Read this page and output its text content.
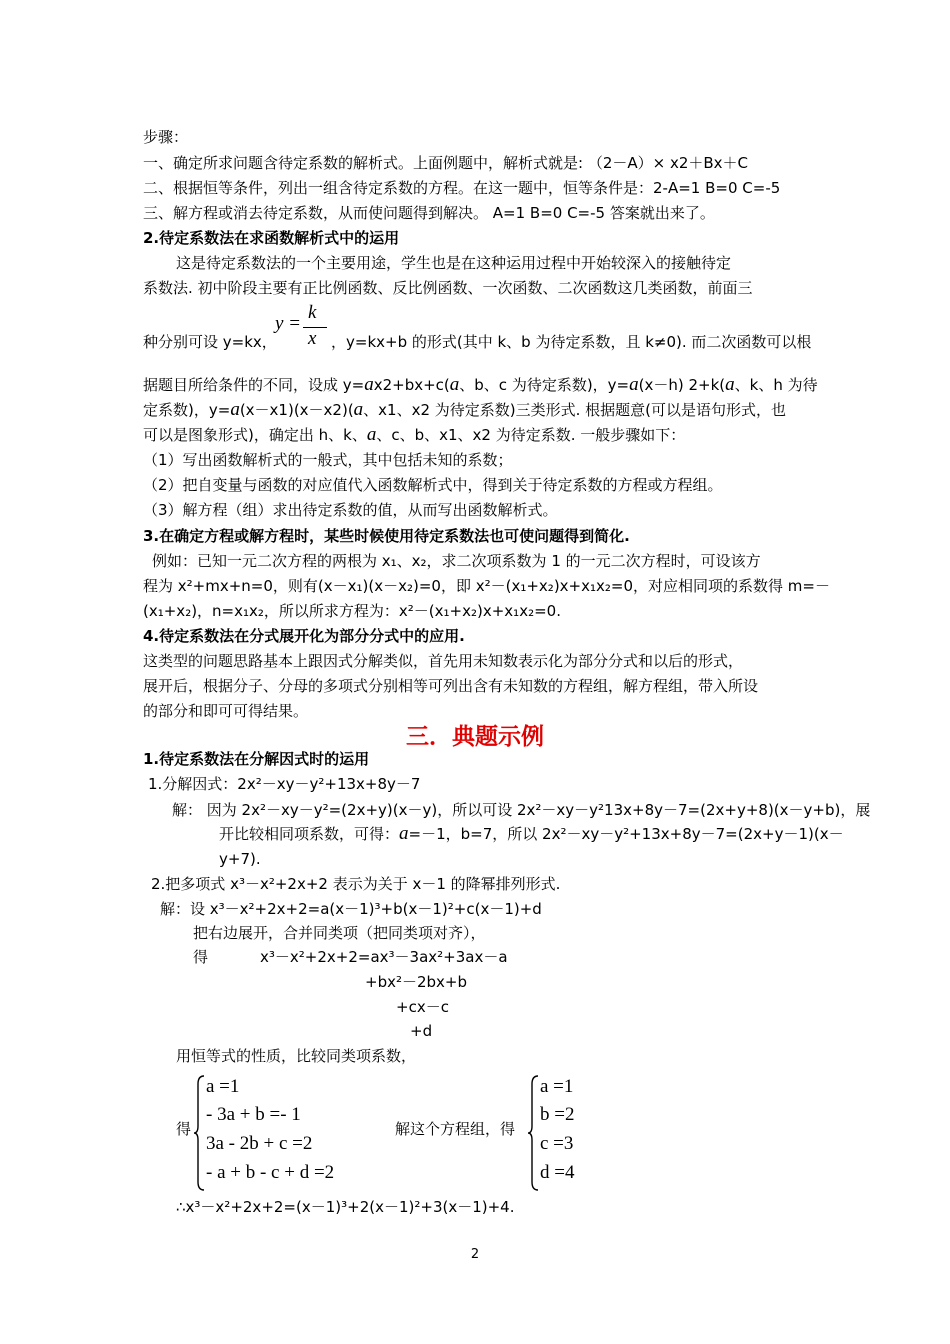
步骤：
一、确定所求问题含待定系数的解析式。上面例题中，解析式就是: （2－A）× x2＋Bx＋C
二、根据恒等条件，列出一组含待定系数的方程。在这一题中，恒等条件是：2-A=1 B=0 C=-5
三、解方程或消去待定系数，从而使问题得到解决。 A=1 B=0 C=-5 答案就出来了。
2.待定系数法在求函数解析式中的运用
这是待定系数法的一个主要用途，学生也是在这种运用过程中开始较深入的接触待定
系数法. 初中阶段主要有正比例函数、反比例函数、一次函数、二次函数这几类函数，前面三
种分别可设 y=kx，
y =
k
x ，y=kx+b 的形式(其中 k、b 为待定系数，且 k≠0). 而二次函数可以根
据题目所给条件的不同，设成 y=ax2+bx+c(a、b、c 为待定系数)，y=a(x－h) 2+k(a、k、h 为待
定系数)，y=a(x－x1)(x－x2)(a、x1、x2 为待定系数)三类形式. 根据题意(可以是语句形式，也
可以是图象形式)，确定出 h、k、a、c、b、x1、x2 为待定系数. 一般步骤如下：
（1）写出函数解析式的一般式，其中包括未知的系数；
（2）把自变量与函数的对应值代入函数解析式中，得到关于待定系数的方程或方程组。
（3）解方程（组）求出待定系数的值，从而写出函数解析式。
3.在确定方程或解方程时，某些时候使用待定系数法也可使问题得到简化.
例如：已知一元二次方程的两根为 x₁、x₂，求二次项系数为 1 的一元二次方程时，可设该方
程为 x²+mx+n=0，则有(x－x₁)(x－x₂)=0，即 x²－(x₁+x₂)x+x₁x₂=0，对应相同项的系数得 m=－
(x₁+x₂)，n=x₁x₂，所以所求方程为：x²－(x₁+x₂)x+x₁x₂=0.
4.待定系数法在分式展开化为部分分式中的应用.
这类型的问题思路基本上跟因式分解类似，首先用未知数表示化为部分分式和以后的形式，
展开后，根据分子、分母的多项式分别相等可列出含有未知数的方程组，解方程组，带入所设
的部分和即可可得结果。
三．典题示例
1.待定系数法在分解因式时的运用
1.分解因式：2x²－xy－y²+13x+8y－7
解： 因为 2x²－xy－y²=(2x+y)(x－y)，所以可设 2x²－xy－y²13x+8y－7=(2x+y+8)(x－y+b)，展
开比较相同项系数，可得：a=－1，b=7，所以 2x²－xy－y²+13x+8y－7=(2x+y－1)(x－
y+7).
2.把多项式 x³－x²+2x+2 表示为关于 x－1 的降幂排列形式.
解：设 x³－x²+2x+2=a(x－1)³+b(x－1)²+c(x－1)+d
把右边展开，合并同类项（把同类项对齐），
得	x³－x²+2x+2=ax³－3ax²+3ax－a
+bx²－2bx+b
+cx－c
+d
用恒等式的性质，比较同类项系数，
得
a =1
- 3a + b =- 1
3a - 2b + c =2
- a + b - c + d =2
解这个方程组，得
a =1
b =2
c =3
d =4
∴x³－x²+2x+2=(x－1)³+2(x－1)²+3(x－1)+4.
2
